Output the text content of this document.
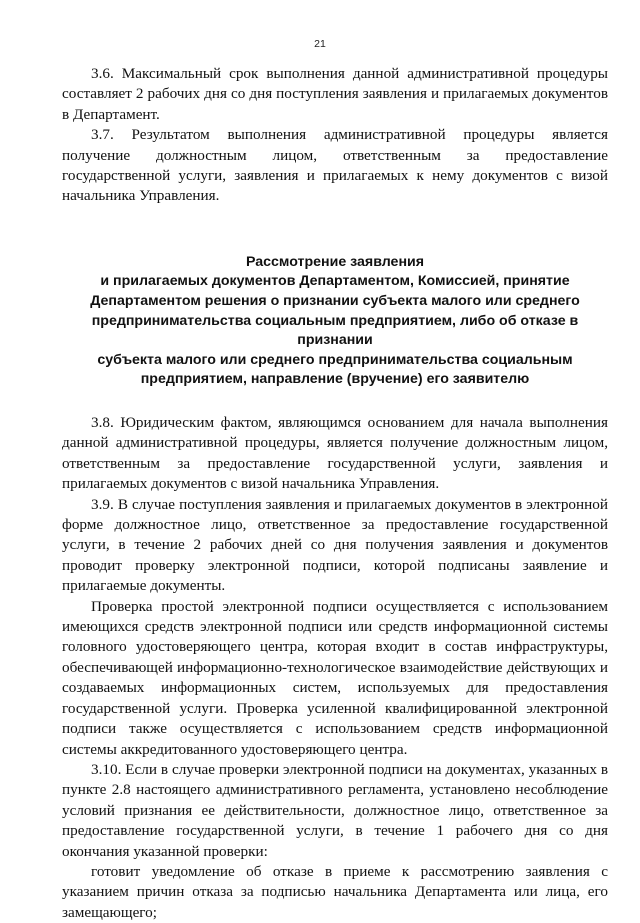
21

3.6. Максимальный срок выполнения данной административной процедуры составляет 2 рабочих дня со дня поступления заявления и прилагаемых документов в Департамент.

3.7. Результатом выполнения административной процедуры является получение должностным лицом, ответственным за предоставление государственной услуги, заявления и прилагаемых к нему документов с визой начальника Управления.

Рассмотрение заявления
и прилагаемых документов Департаментом, Комиссией, принятие
Департаментом решения о признании субъекта малого или среднего
предпринимательства социальным предприятием, либо об отказе в признании
субъекта малого или среднего предпринимательства социальным
предприятием, направление (вручение) его заявителю

3.8. Юридическим фактом, являющимся основанием для начала выполнения данной административной процедуры, является получение должностным лицом, ответственным за предоставление государственной услуги, заявления и прилагаемых документов с визой начальника Управления.

3.9. В случае поступления заявления и прилагаемых документов в электронной форме должностное лицо, ответственное за предоставление государственной услуги, в течение 2 рабочих дней со дня получения заявления и документов проводит проверку электронной подписи, которой подписаны заявление и прилагаемые документы.

Проверка простой электронной подписи осуществляется с использованием имеющихся средств электронной подписи или средств информационной системы головного удостоверяющего центра, которая входит в состав инфраструктуры, обеспечивающей информационно-технологическое взаимодействие действующих и создаваемых информационных систем, используемых для предоставления государственной услуги. Проверка усиленной квалифицированной электронной подписи также осуществляется с использованием средств информационной системы аккредитованного удостоверяющего центра.

3.10. Если в случае проверки электронной подписи на документах, указанных в пункте 2.8 настоящего административного регламента, установлено несоблюдение условий признания ее действительности, должностное лицо, ответственное за предоставление государственной услуги, в течение 1 рабочего дня со дня окончания указанной проверки:

готовит уведомление об отказе в приеме к рассмотрению заявления с указанием причин отказа за подписью начальника Департамента или лица, его замещающего;
